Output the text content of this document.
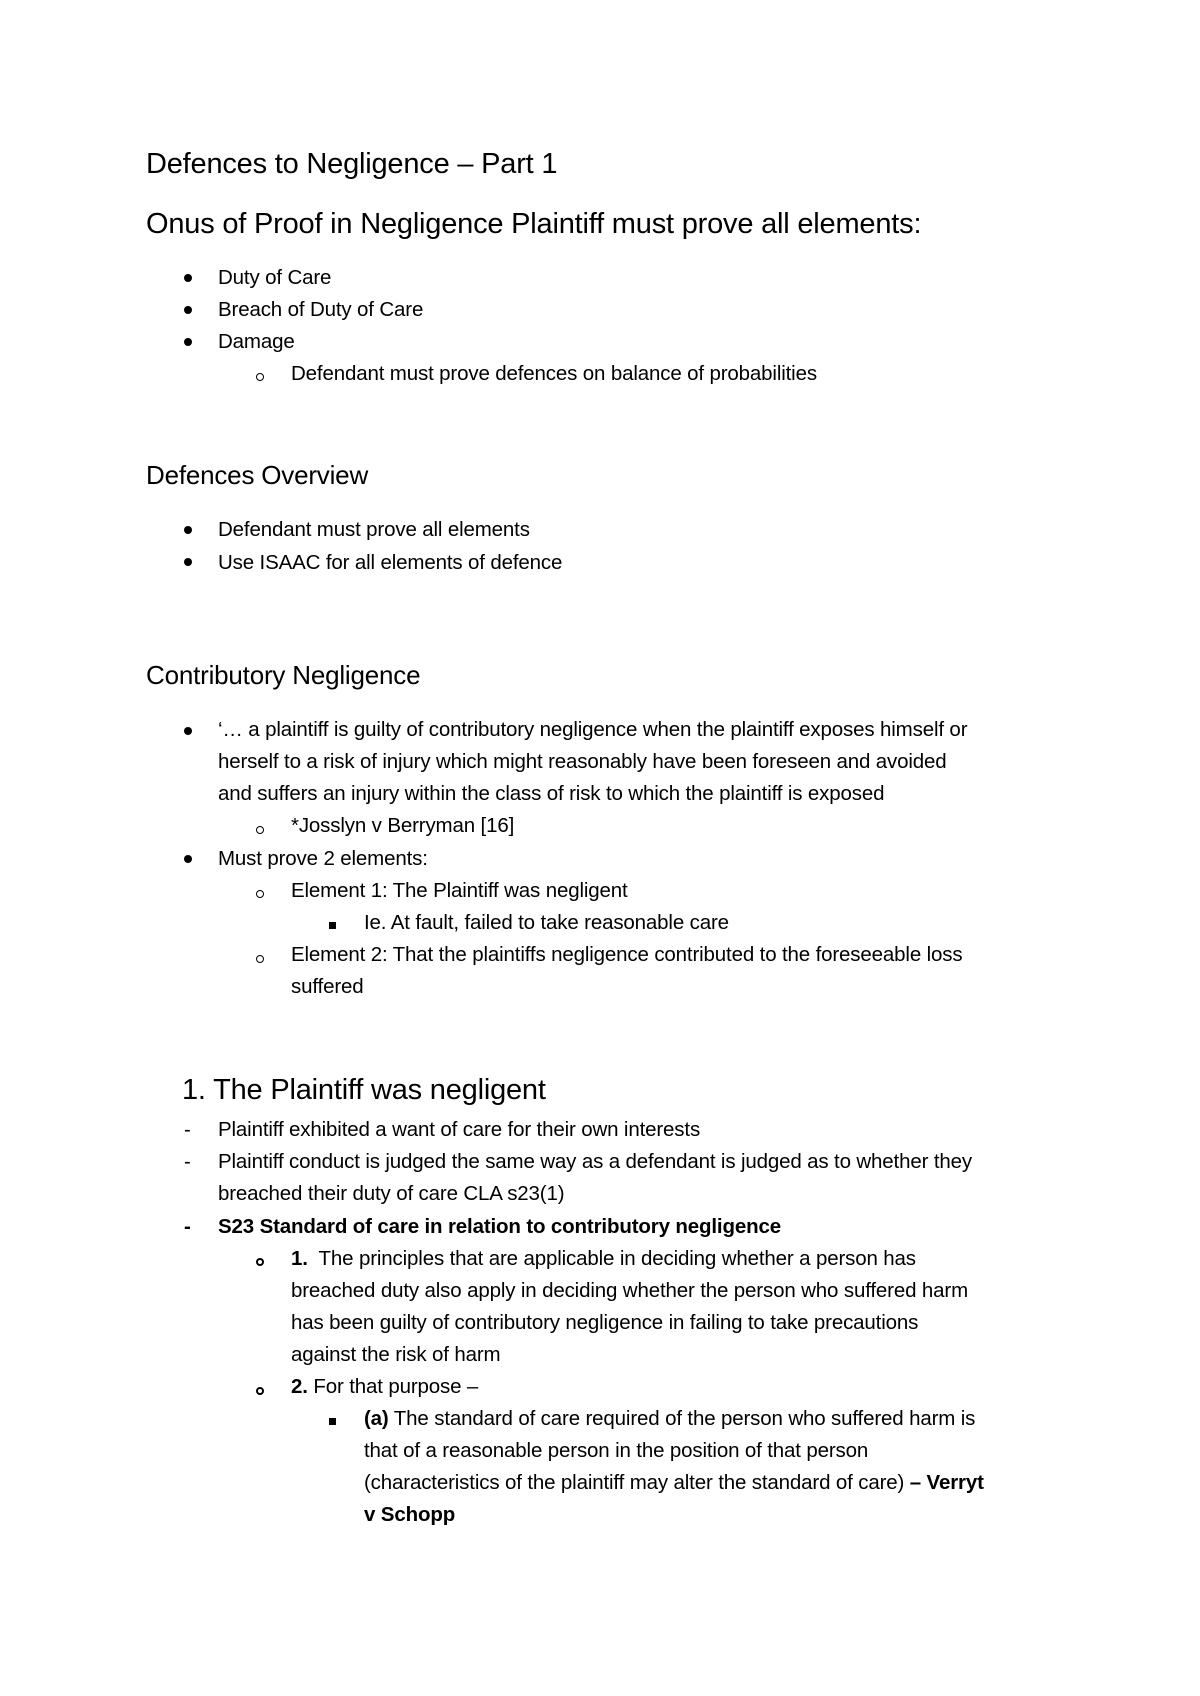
Defences to Negligence – Part 1
Onus of Proof in Negligence Plaintiff must prove all elements:
Duty of Care
Breach of Duty of Care
Damage
Defendant must prove defences on balance of probabilities
Defences Overview
Defendant must prove all elements
Use ISAAC for all elements of defence
Contributory Negligence
‘… a plaintiff is guilty of contributory negligence when the plaintiff exposes himself or
herself to a risk of injury which might reasonably have been foreseen and avoided
and suffers an injury within the class of risk to which the plaintiff is exposed
*Josslyn v Berryman [16]
Must prove 2 elements:
Element 1: The Plaintiff was negligent
Ie. At fault, failed to take reasonable care
Element 2: That the plaintiffs negligence contributed to the foreseeable loss
suffered
1. The Plaintiff was negligent
- Plaintiff exhibited a want of care for their own interests
- Plaintiff conduct is judged the same way as a defendant is judged as to whether they
breached their duty of care CLA s23(1)
- S23 Standard of care in relation to contributory negligence
1. The principles that are applicable in deciding whether a person has
breached duty also apply in deciding whether the person who suffered harm
has been guilty of contributory negligence in failing to take precautions
against the risk of harm
2. For that purpose –
(a) The standard of care required of the person who suffered harm is
that of a reasonable person in the position of that person
(characteristics of the plaintiff may alter the standard of care) – Verryt
v Schopp
